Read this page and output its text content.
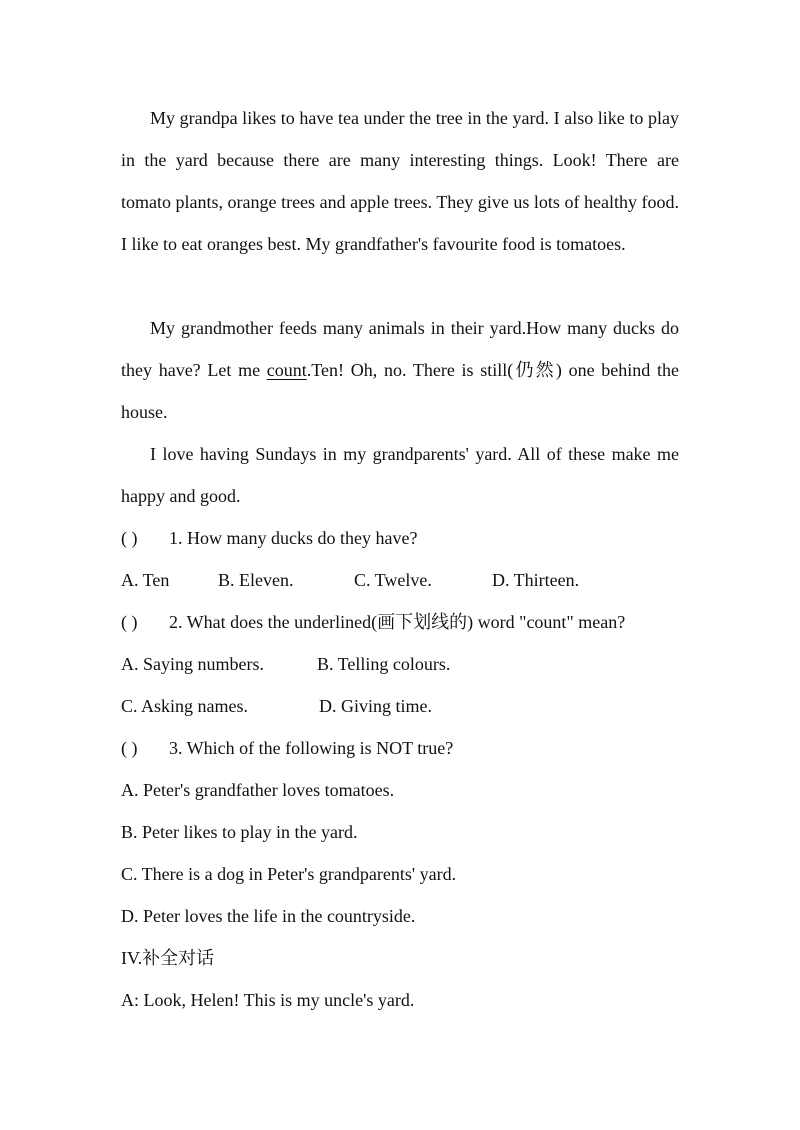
My grandpa likes to have tea under the tree in the yard. I also like to play in the yard because there are many interesting things. Look! There are tomato plants, orange trees and apple trees. They give us lots of healthy food. I like to eat oranges best. My grandfather's favourite food is tomatoes.

My grandmother feeds many animals in their yard.How many ducks do they have? Let me count.Ten! Oh, no. There is still(仍然) one behind the house.

I love having Sundays in my grandparents' yard. All of these make me happy and good.

( ) 1. How many ducks do they have?
A. Ten	B. Eleven.	C. Twelve.	D. Thirteen.
( ) 2. What does the underlined(画下划线的) word "count" mean?
A. Saying numbers.	B. Telling colours.
C. Asking names.	D. Giving time.
( ) 3. Which of the following is NOT true?
A. Peter's grandfather loves tomatoes.
B. Peter likes to play in the yard.
C. There is a dog in Peter's grandparents' yard.
D. Peter loves the life in the countryside.
IV.补全对话
A: Look, Helen! This is my uncle's yard.
